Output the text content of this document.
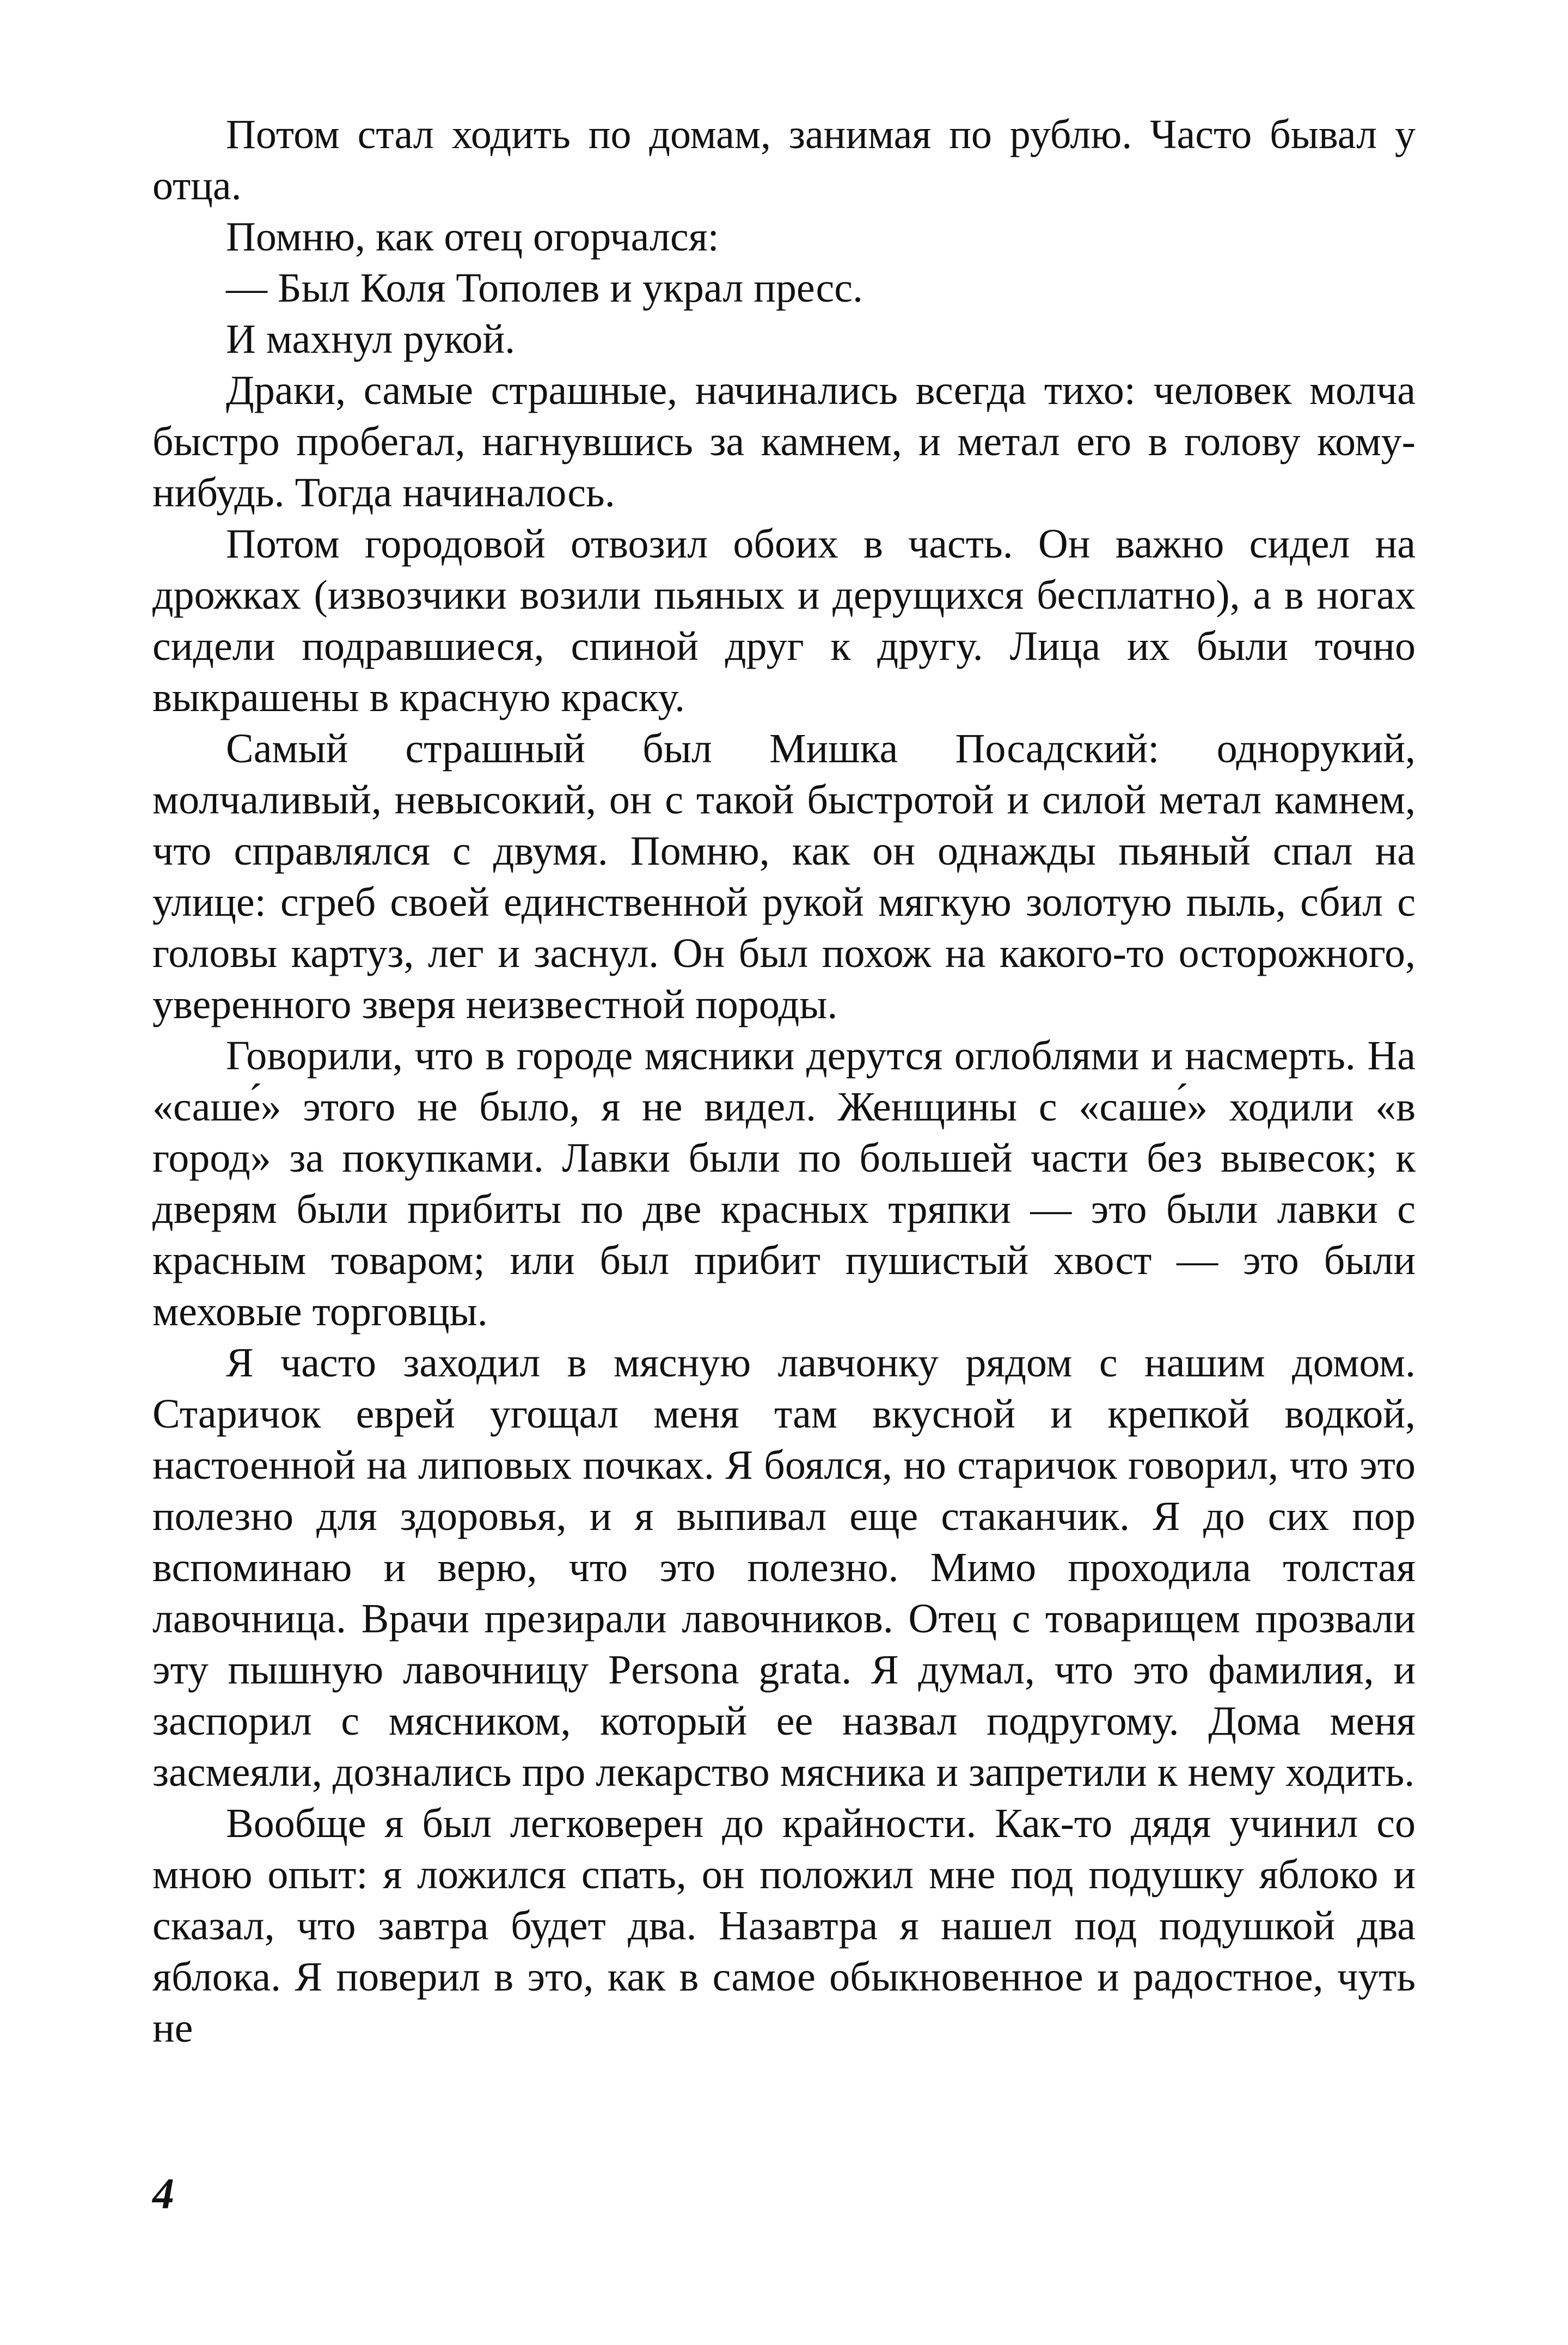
Потом стал ходить по домам, занимая по рублю. Часто бывал у отца.

Помню, как отец огорчался:

— Был Коля Тополев и украл пресс.

И махнул рукой.

Драки, самые страшные, начинались всегда тихо: человек молча быстро пробегал, нагнувшись за камнем, и метал его в голову кому-нибудь. Тогда начиналось.

Потом городовой отвозил обоих в часть. Он важно сидел на дрожках (извозчики возили пьяных и дерущихся бесплатно), а в ногах сидели подравшиеся, спиной друг к другу. Лица их были точно выкрашены в красную краску.

Самый страшный был Мишка Посадский: однорукий, молчаливый, невысокий, он с такой быстротой и силой метал камнем, что справлялся с двумя. Помню, как он однажды пьяный спал на улице: сгреб своей единственной рукой мягкую золотую пыль, сбил с головы картуз, лег и заснул. Он был похож на какого-то осторожного, уверенного зверя неизвестной породы.

Говорили, что в городе мясники дерутся оглоблями и насмерть. На «саше́» этого не было, я не видел. Женщины с «саше́» ходили «в город» за покупками. Лавки были по большей части без вывесок; к дверям были прибиты по две красных тряпки — это были лавки с красным товаром; или был прибит пушистый хвост — это были меховые торговцы.

Я часто заходил в мясную лавчонку рядом с нашим домом. Старичок еврей угощал меня там вкусной и крепкой водкой, настоенной на липовых почках. Я боялся, но старичок говорил, что это полезно для здоровья, и я выпивал еще стаканчик. Я до сих пор вспоминаю и верю, что это полезно. Мимо проходила толстая лавочница. Врачи презирали лавочников. Отец с товарищем прозвали эту пышную лавочницу Persona grata. Я думал, что это фамилия, и заспорил с мясником, который ее назвал подругому. Дома меня засмеяли, дознались про лекарство мясника и запретили к нему ходить.

Вообще я был легковерен до крайности. Как-то дядя учинил со мною опыт: я ложился спать, он положил мне под подушку яблоко и сказал, что завтра будет два. Назавтра я нашел под подушкой два яблока. Я поверил в это, как в самое обыкновенное и радостное, чуть не

4
